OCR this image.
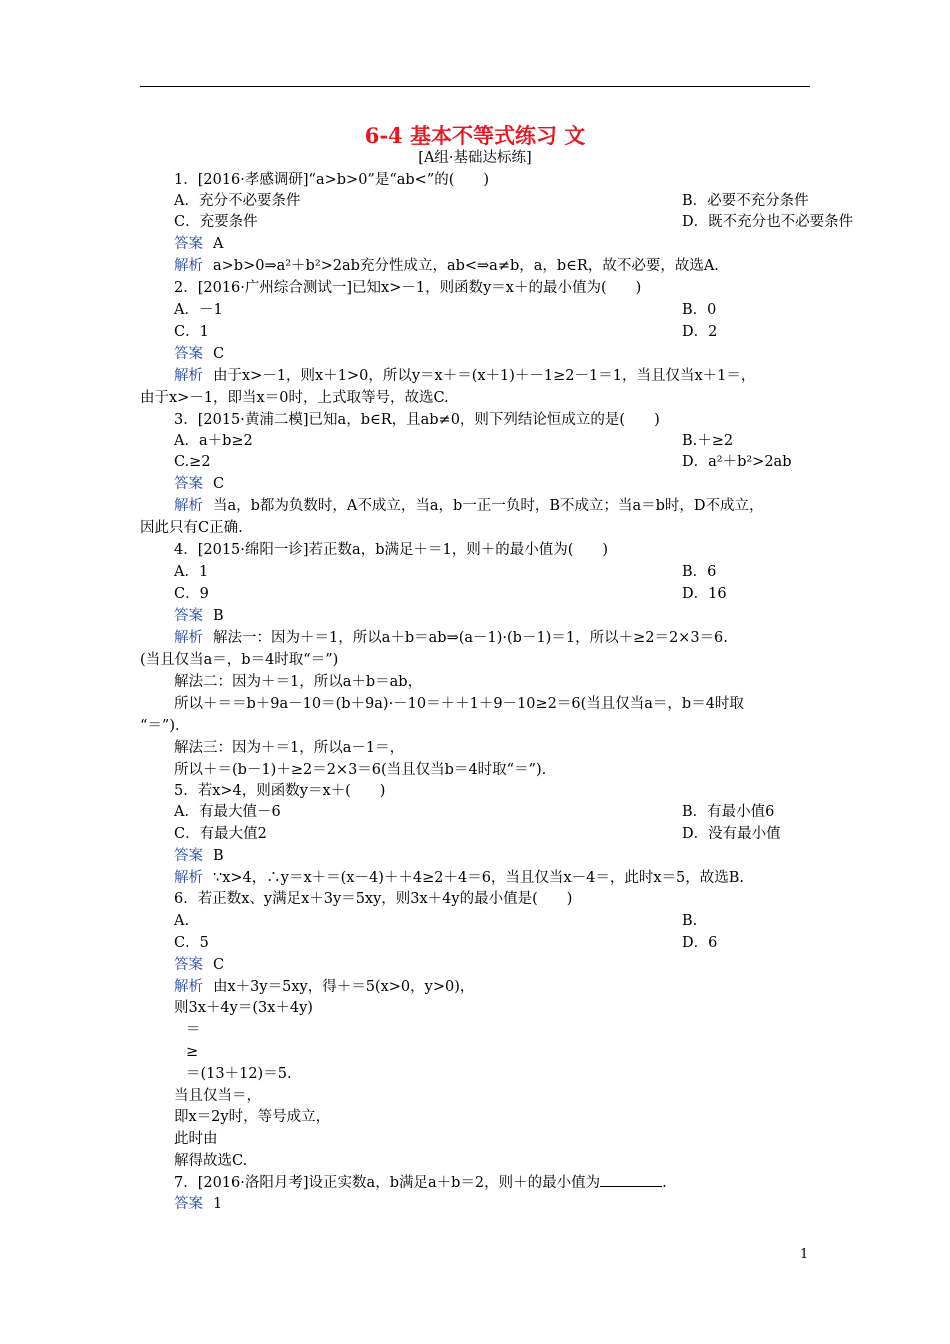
6-4 基本不等式练习 文
[A组·基础达标练]
1．[2016·孝感调研]“a>b>0”是“ab<”的(　　)
A．充分不必要条件	B．必要不充分条件
C．充要条件	D．既不充分也不必要条件
答案 A
解析 a>b>0⇒a²＋b²>2ab充分性成立，ab<⇒a≠b，a，b∈R，故不必要，故选A.
2．[2016·广州综合测试一]已知x>－1，则函数y＝x＋的最小值为(　　)
A．－1	B．0
C．1	D．2
答案 C
解析 由于x>－1，则x＋1>0，所以y＝x＋＝(x＋1)＋－1≥2－1＝1，当且仅当x＋1＝，
由于x>－1，即当x＝0时，上式取等号，故选C.
3．[2015·黄浦二模]已知a，b∈R，且ab≠0，则下列结论恒成立的是(　　)
A．a＋b≥2	B.＋≥2
C.≥2	D．a²＋b²>2ab
答案 C
解析 当a，b都为负数时，A不成立，当a，b一正一负时，B不成立；当a＝b时，D不成立，
因此只有C正确.
4．[2015·绵阳一诊]若正数a，b满足＋＝1，则＋的最小值为(　　)
A．1	B．6
C．9	D．16
答案 B
解析 解法一：因为＋＝1，所以a＋b＝ab⇒(a－1)·(b－1)＝1，所以＋≥2＝2×3＝6.
(当且仅当a＝，b＝4时取“＝”)
解法二：因为＋＝1，所以a＋b＝ab，
所以＋＝＝b＋9a－10＝(b＋9a)·－10＝＋＋1＋9－10≥2＝6(当且仅当a＝，b＝4时取
“＝”)．
解法三：因为＋＝1，所以a－1＝，
所以＋＝(b－1)＋≥2＝2×3＝6(当且仅当b＝4时取“＝”).
5．若x>4，则函数y＝x＋(　　)
A．有最大值－6	B．有最小值6
C．有最大值2	D．没有最小值
答案 B
解析 ∵x>4，∴y＝x＋＝(x－4)＋＋4≥2＋4＝6，当且仅当x－4＝，此时x＝5，故选B.
6．若正数x、y满足x＋3y＝5xy，则3x＋4y的最小值是(　　)
A.	B.
C．5	D．6
答案 C
解析 由x＋3y＝5xy，得＋＝5(x>0，y>0)，
则3x＋4y＝(3x＋4y)
＝
≥
＝(13＋12)＝5.
当且仅当＝，
即x＝2y时，等号成立，
此时由
解得故选C.
7．[2016·洛阳月考]设正实数a，b满足a＋b＝2，则＋的最小值为	.
答案 1
1
